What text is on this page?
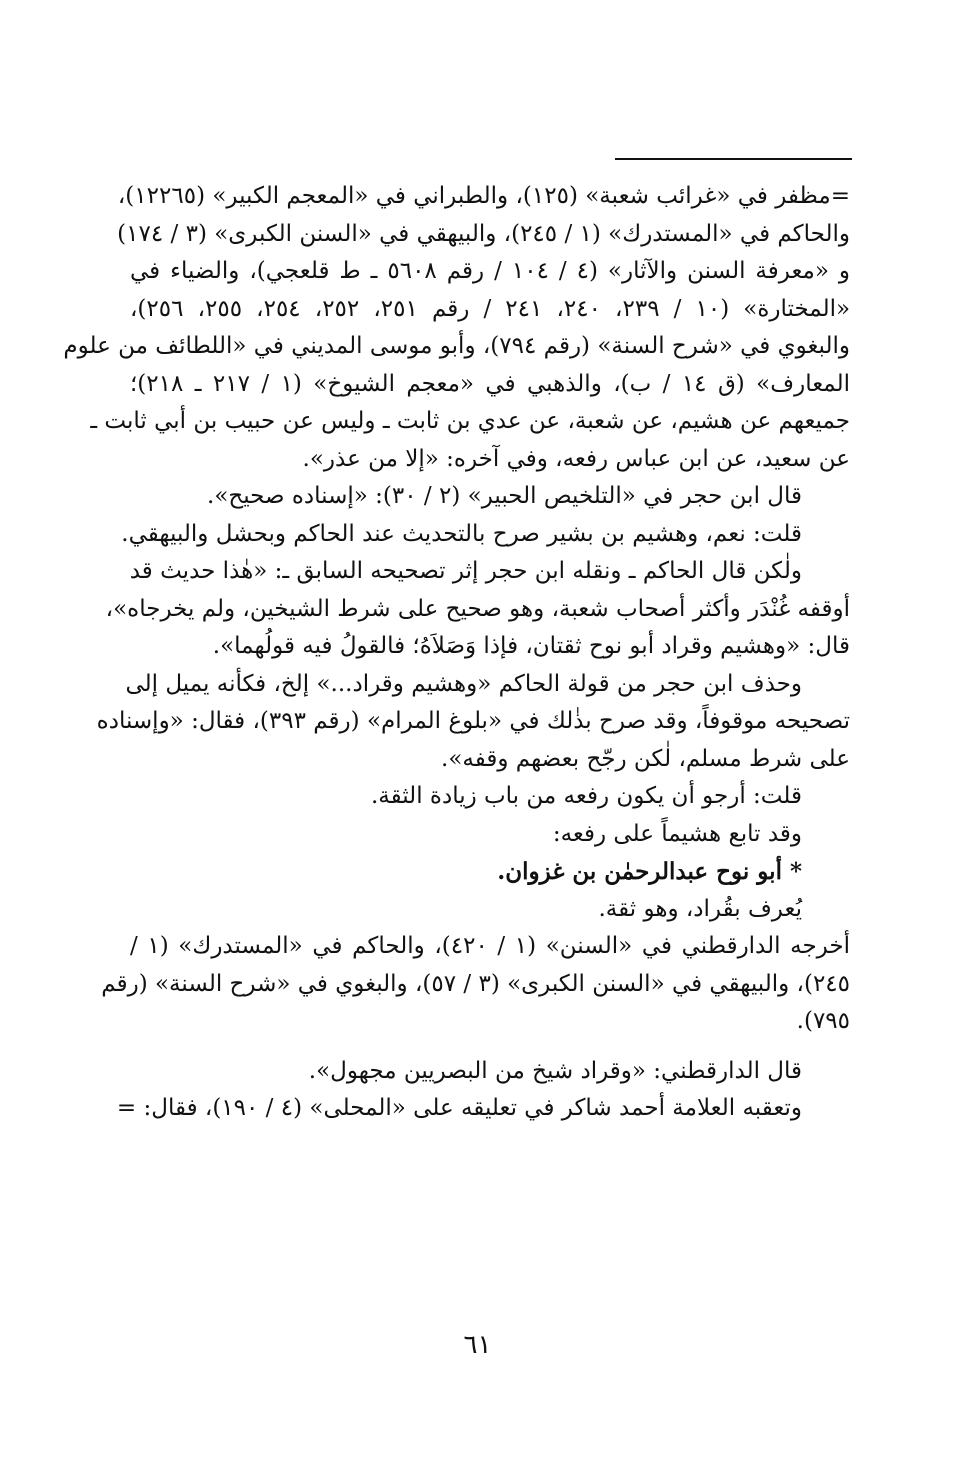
=مظفر في «غرائب شعبة» (١٢٥)، والطبراني في «المعجم الكبير» (١٢٢٦٥)،
والحاكم في «المستدرك» (١ / ٢٤٥)، والبيهقي في «السنن الكبرى» (٣ / ١٧٤)
و «معرفة السنن والآثار» (٤ / ١٠٤ / رقم ٥٦٠٨ ـ ط قلعجي)، والضياء في
«المختارة» (١٠ / ٢٣٩، ٢٤٠، ٢٤١ / رقم ٢٥١، ٢٥٢، ٢٥٤، ٢٥٥، ٢٥٦)،
والبغوي في «شرح السنة» (رقم ٧٩٤)، وأبو موسى المديني في «اللطائف من علوم
المعارف» (ق ١٤ / ب)، والذهبي في «معجم الشيوخ» (١ / ٢١٧ ـ ٢١٨)؛
جميعهم عن هشيم، عن شعبة، عن عدي بن ثابت ـ وليس عن حبيب بن أبي ثابت ـ
عن سعيد، عن ابن عباس رفعه، وفي آخره: «إلا من عذر».
قال ابن حجر في «التلخيص الحبير» (٢ / ٣٠): «إسناده صحيح».
قلت: نعم، وهشيم بن بشير صرح بالتحديث عند الحاكم وبحشل والبيهقي.
ولٰكن قال الحاكم ـ ونقله ابن حجر إثر تصحيحه السابق ـ: «هٰذا حديث قد
أوقفه غُنْدَر وأكثر أصحاب شعبة، وهو صحيح على شرط الشيخين، ولم يخرجاه»،
قال: «وهشيم وقراد أبو نوح ثقتان، فإذا وَصَلاَهُ؛ فالقولُ فيه قولُهما».
وحذف ابن حجر من قولة الحاكم «وهشيم وقراد...» إلخ، فكأنه يميل إلى
تصحيحه موقوفاً، وقد صرح بذٰلك في «بلوغ المرام» (رقم ٣٩٣)، فقال: «وإسناده
على شرط مسلم، لٰكن رجّح بعضهم وقفه».
قلت: أرجو أن يكون رفعه من باب زيادة الثقة.
وقد تابع هشيماً على رفعه:
* أبو نوح عبدالرحمٰن بن غزوان.
يُعرف بقُراد، وهو ثقة.
أخرجه الدارقطني في «السنن» (١ / ٤٢٠)، والحاكم في «المستدرك» (١ /
٢٤٥)، والبيهقي في «السنن الكبرى» (٣ / ٥٧)، والبغوي في «شرح السنة» (رقم
٧٩٥).
قال الدارقطني: «وقراد شيخ من البصريين مجهول».
وتعقبه العلامة أحمد شاكر في تعليقه على «المحلى» (٤ / ١٩٠)، فقال: =
٦١
